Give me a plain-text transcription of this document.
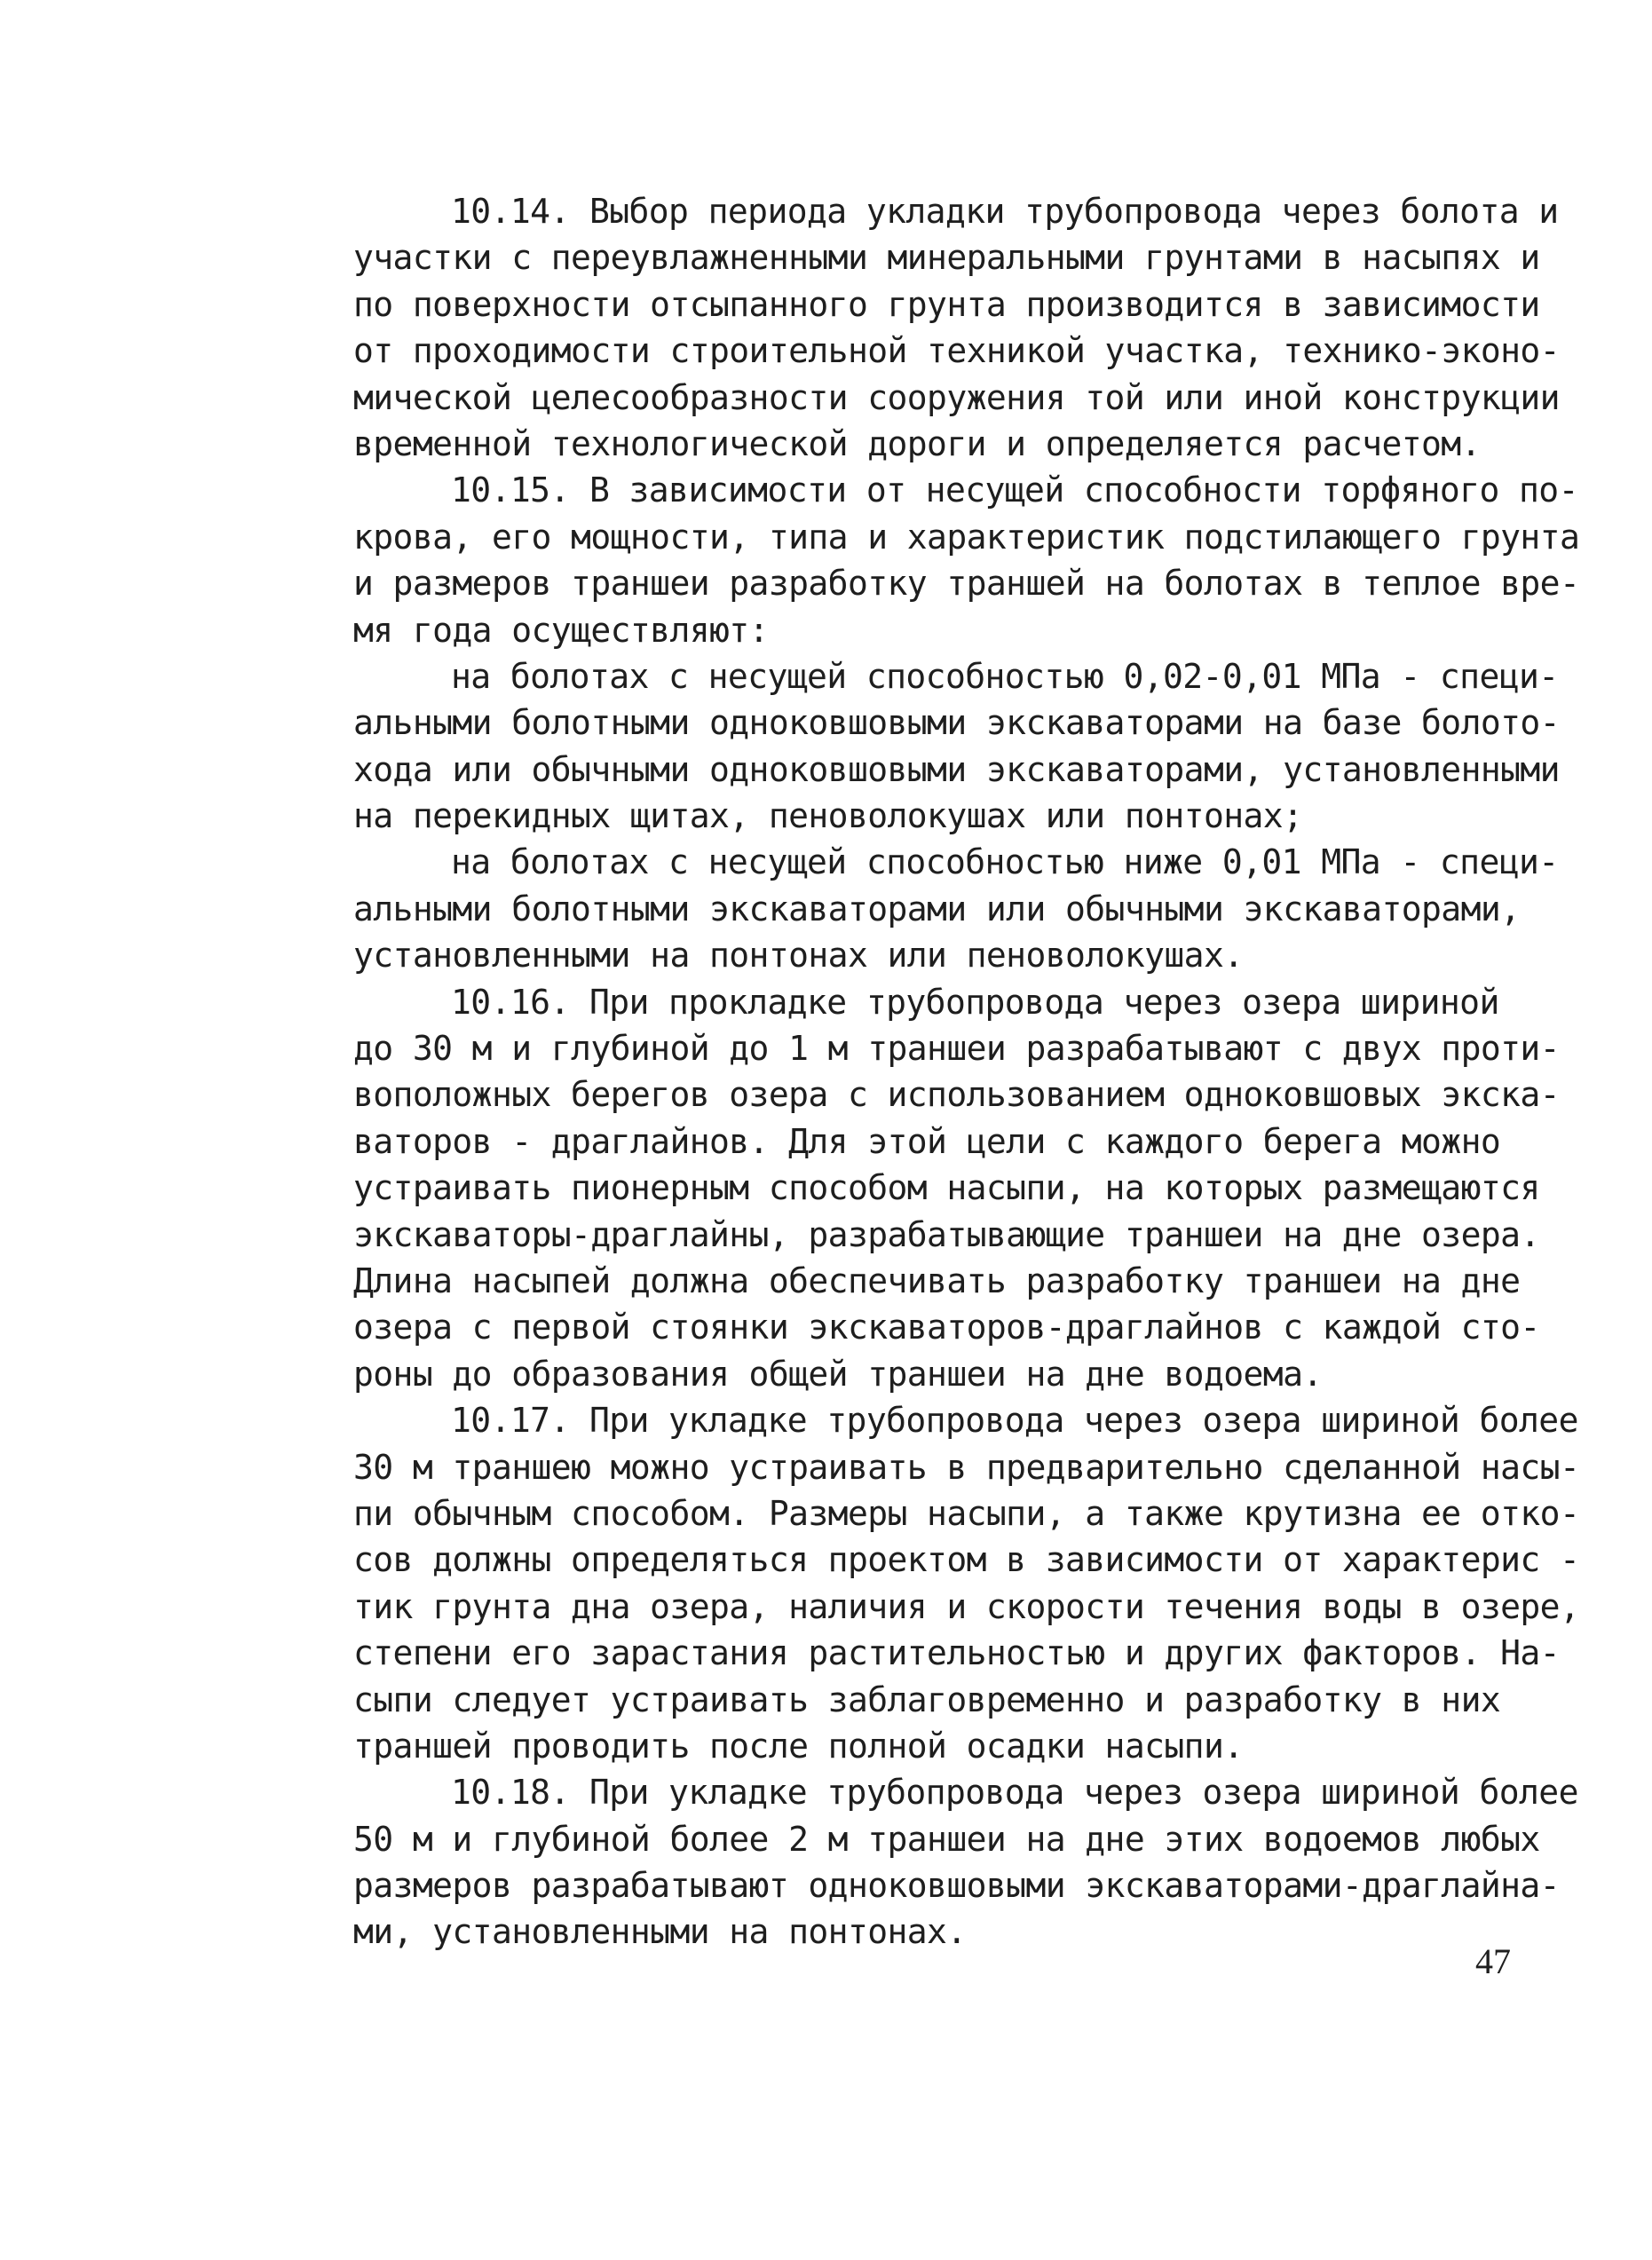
10.14. Выбор периода укладки трубопровода через болота и
участки с переувлажненными минеральными грунтами в насыпях и
по поверхности отсыпанного грунта производится в зависимости
от проходимости строительной техникой участка, технико-эконо-
мической целесообразности сооружения той или иной конструкции
временной технологической дороги и определяется расчетом.
10.15. В зависимости от несущей способности торфяного по-
крова, его мощности, типа и характеристик подстилающего грунта
и размеров траншеи разработку траншей на болотах в теплое вре-
мя года осуществляют:
на болотах с несущей способностью 0,02-0,01 МПа - специ-
альными болотными одноковшовыми экскаваторами на базе болото-
хода или обычными одноковшовыми экскаваторами, установленными
на перекидных щитах, пеноволокушах или понтонах;
на болотах с несущей способностью ниже 0,01 МПа - специ-
альными болотными экскаваторами или обычными экскаваторами,
установленными на понтонах или пеноволокушах.
10.16. При прокладке трубопровода через озера шириной
до 30 м и глубиной до 1 м траншеи разрабатывают с двух проти-
воположных берегов озера с использованием одноковшовых экска-
ваторов - драглайнов. Для этой цели с каждого берега можно
устраивать пионерным способом насыпи, на которых размещаются
экскаваторы-драглайны, разрабатывающие траншеи на дне озера.
Длина насыпей должна обеспечивать разработку траншеи на дне
озера с первой стоянки экскаваторов-драглайнов с каждой сто-
роны до образования общей траншеи на дне водоема.
10.17. При укладке трубопровода через озера шириной более
30 м траншею можно устраивать в предварительно сделанной насы-
пи обычным способом. Размеры насыпи, а также крутизна ее отко-
сов должны определяться проектом в зависимости от характерис -
тик грунта дна озера, наличия и скорости течения воды в озере,
степени его зарастания растительностью и других факторов. На-
сыпи следует устраивать заблаговременно и разработку в них
траншей проводить после полной осадки насыпи.
10.18. При укладке трубопровода через озера шириной более
50 м и глубиной более 2 м траншеи на дне этих водоемов любых
размеров разрабатывают одноковшовыми экскаваторами-драглайна-
ми, установленными на понтонах.
47
